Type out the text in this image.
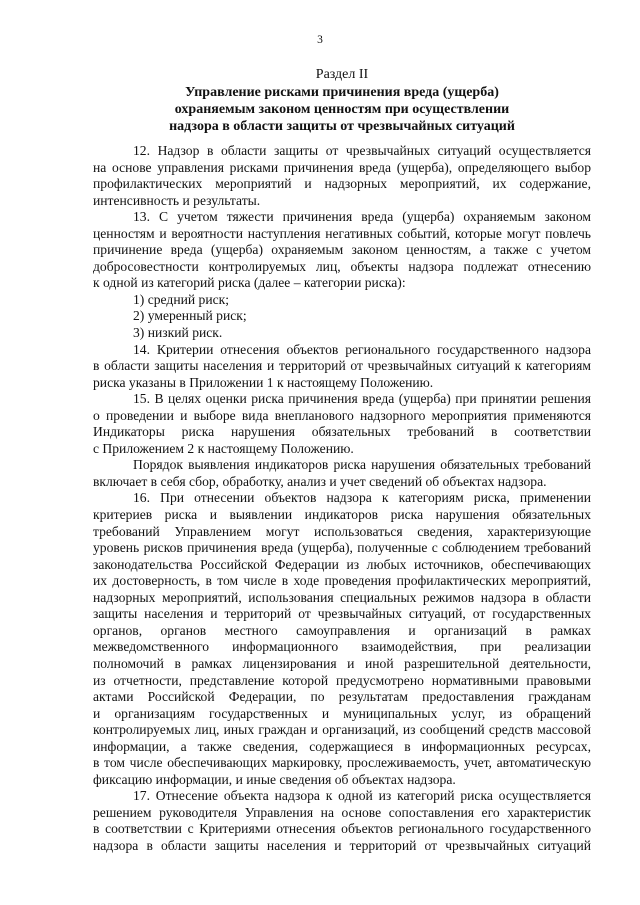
3
Раздел II
Управление рисками причинения вреда (ущерба)
охраняемым законом ценностям при осуществлении
надзора в области защиты от чрезвычайных ситуаций
12. Надзор в области защиты от чрезвычайных ситуаций осуществляется
на основе управления рисками причинения вреда (ущерба), определяющего выбор
профилактических мероприятий и надзорных мероприятий, их содержание,
интенсивность и результаты.
13. С учетом тяжести причинения вреда (ущерба) охраняемым законом
ценностям и вероятности наступления негативных событий, которые могут повлечь
причинение вреда (ущерба) охраняемым законом ценностям, а также с учетом
добросовестности контролируемых лиц, объекты надзора подлежат отнесению
к одной из категорий риска (далее – категории риска):
1) средний риск;
2) умеренный риск;
3) низкий риск.
14. Критерии отнесения объектов регионального государственного надзора
в области защиты населения и территорий от чрезвычайных ситуаций к категориям
риска указаны в Приложении 1 к настоящему Положению.
15. В целях оценки риска причинения вреда (ущерба) при принятии решения
о проведении и выборе вида внепланового надзорного мероприятия применяются
Индикаторы риска нарушения обязательных требований в соответствии
с Приложением 2 к настоящему Положению.
Порядок выявления индикаторов риска нарушения обязательных требований
включает в себя сбор, обработку, анализ и учет сведений об объектах надзора.
16. При отнесении объектов надзора к категориям риска, применении
критериев риска и выявлении индикаторов риска нарушения обязательных
требований Управлением могут использоваться сведения, характеризующие
уровень рисков причинения вреда (ущерба), полученные с соблюдением требований
законодательства Российской Федерации из любых источников, обеспечивающих
их достоверность, в том числе в ходе проведения профилактических мероприятий,
надзорных мероприятий, использования специальных режимов надзора в области
защиты населения и территорий от чрезвычайных ситуаций, от государственных
органов, органов местного самоуправления и организаций в рамках
межведомственного информационного взаимодействия, при реализации
полномочий в рамках лицензирования и иной разрешительной деятельности,
из отчетности, представление которой предусмотрено нормативными правовыми
актами Российской Федерации, по результатам предоставления гражданам
и организациям государственных и муниципальных услуг, из обращений
контролируемых лиц, иных граждан и организаций, из сообщений средств массовой
информации, а также сведения, содержащиеся в информационных ресурсах,
в том числе обеспечивающих маркировку, прослеживаемость, учет, автоматическую
фиксацию информации, и иные сведения об объектах надзора.
17. Отнесение объекта надзора к одной из категорий риска осуществляется
решением руководителя Управления на основе сопоставления его характеристик
в соответствии с Критериями отнесения объектов регионального государственного
надзора в области защиты населения и территорий от чрезвычайных ситуаций
